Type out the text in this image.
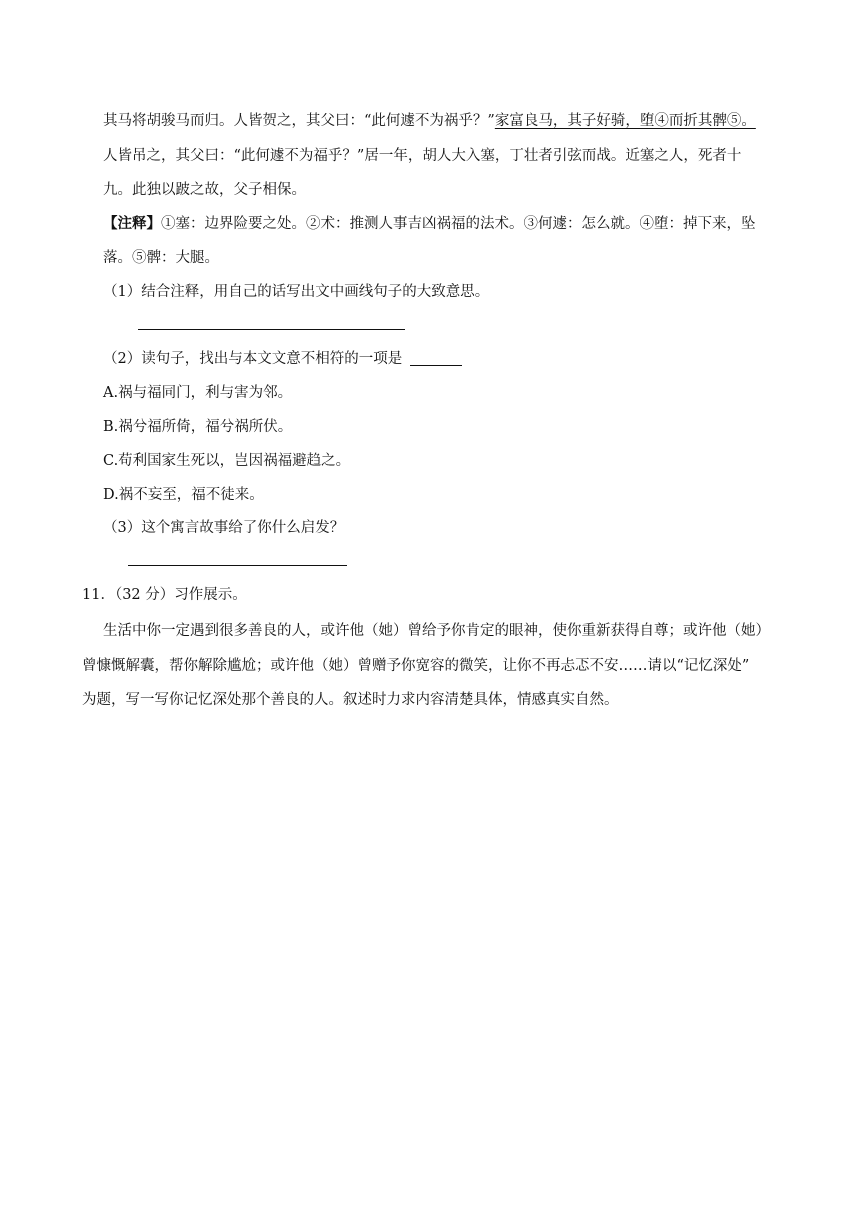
其马将胡骏马而归。人皆贺之，其父曰：“此何遽不为祸乎？”家富良马，其子好骑，堕④而折其髀⑤。
人皆吊之，其父曰：“此何遽不为福乎？”居一年，胡人大入塞，丁壮者引弦而战。近塞之人，死者十
九。此独以跛之故，父子相保。
【注释】①塞：边界险要之处。②术：推测人事吉凶祸福的法术。③何遽：怎么就。④堕：掉下来，坠
落。⑤髀：大腿。
（1）结合注释，用自己的话写出文中画线句子的大致意思。
（2）读句子，找出与本文文意不相符的一项是
A.祸与福同门，利与害为邻。
B.祸兮福所倚，福兮祸所伏。
C.苟利国家生死以，岂因祸福避趋之。
D.祸不妄至，福不徒来。
（3）这个寓言故事给了你什么启发？
11．（32 分）习作展示。
生活中你一定遇到很多善良的人，或许他（她）曾给予你肯定的眼神，使你重新获得自尊；或许他（她）
曾慷慨解囊，帮你解除尴尬；或许他（她）曾赠予你宽容的微笑，让你不再忐忑不安……请以“记忆深处”
为题，写一写你记忆深处那个善良的人。叙述时力求内容清楚具体，情感真实自然。
